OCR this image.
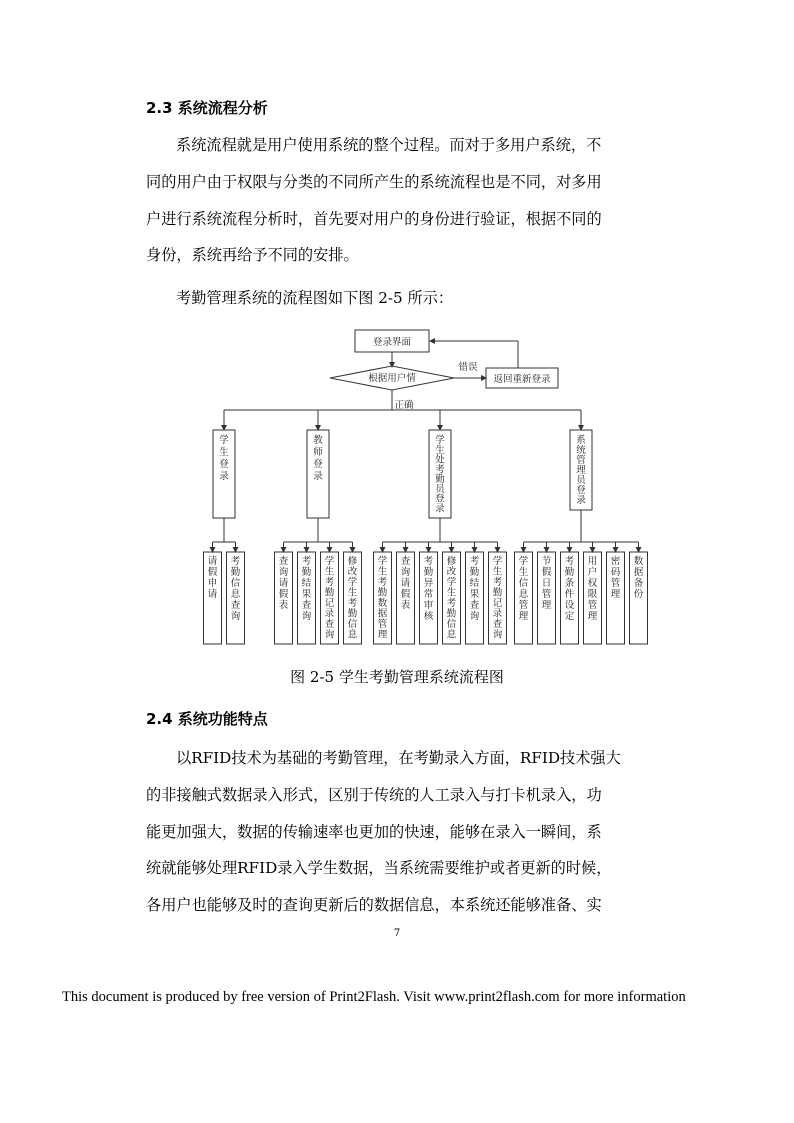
2.3 系统流程分析
系统流程就是用户使用系统的整个过程。而对于多用户系统，不
同的用户由于权限与分类的不同所产生的系统流程也是不同，对多用
户进行系统流程分析时，首先要对用户的身份进行验证，根据不同的
身份，系统再给予不同的安排。
考勤管理系统的流程图如下图 2-5 所示：
登录界面
根据用户情
错误
返回重新登录
正确
学
生
登
录
请
假
申
请
考
勤
信
息
查
询
教
师
登
录
查
询
请
假
表
考
勤
结
果
查
询
学
生
考
勤
记
录
查
询
修
改
学
生
考
勤
信
息
学
生
处
考
勤
员
登
录
学
生
考
勤
数
据
管
理
查
询
请
假
表
考
勤
异
常
审
核
修
改
学
生
考
勤
信
息
考
勤
结
果
查
询
学
生
考
勤
记
录
查
询
系
统
管
理
员
登
录
学
生
信
息
管
理
节
假
日
管
理
考
勤
条
件
设
定
用
户
权
限
管
理
密
码
管
理
数
据
备
份
图 2-5 学生考勤管理系统流程图
2.4 系统功能特点
以RFID技术为基础的考勤管理，在考勤录入方面，RFID技术强大
的非接触式数据录入形式，区别于传统的人工录入与打卡机录入，功
能更加强大，数据的传输速率也更加的快速，能够在录入一瞬间，系
统就能够处理RFID录入学生数据，当系统需要维护或者更新的时候，
各用户也能够及时的查询更新后的数据信息，本系统还能够准备、实
7
This document is produced by free version of Print2Flash. Visit www.print2flash.com for more information
